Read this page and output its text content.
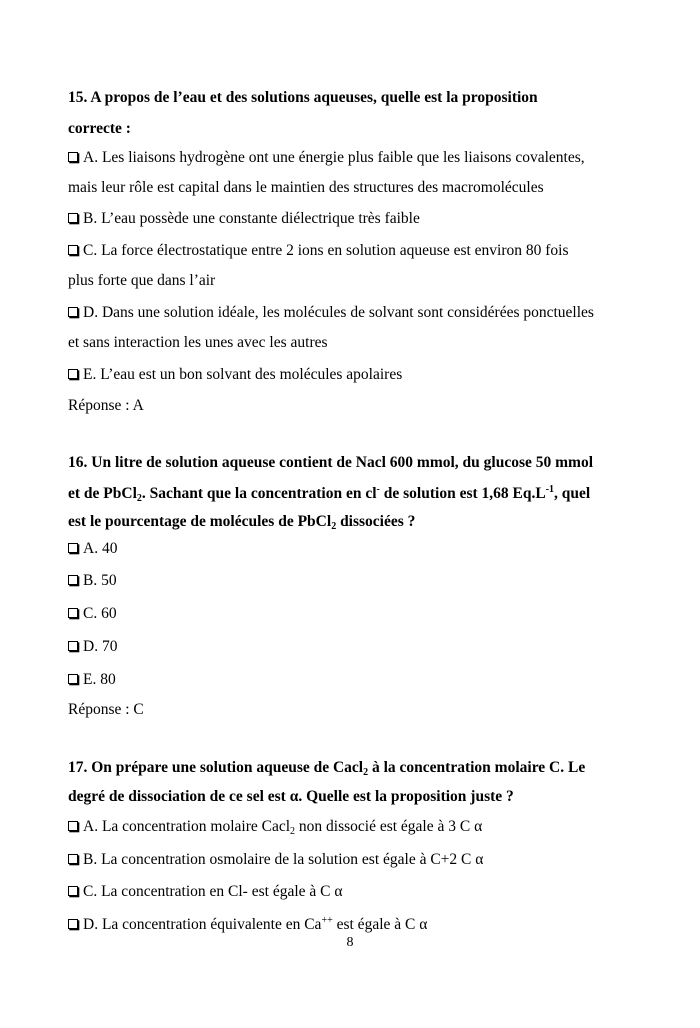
15. A propos de l’eau et des solutions aqueuses, quelle est la proposition
correcte :
A. Les liaisons hydrogène ont une énergie plus faible que les liaisons covalentes,
mais leur rôle est capital dans le maintien des structures des macromolécules
B. L’eau possède une constante diélectrique très faible
C. La force électrostatique entre 2 ions en solution aqueuse est environ 80 fois
plus forte que dans l’air
D. Dans une solution idéale, les molécules de solvant sont considérées ponctuelles
et sans interaction les unes avec les autres
E. L’eau est un bon solvant des molécules apolaires
Réponse : A
16. Un litre de solution aqueuse contient de Nacl 600 mmol, du glucose 50 mmol
et de PbCl$_2$. Sachant que la concentration en cl- de solution est 1,68 $Eq.L^{-1}$, quel
est le pourcentage de molécules de PbCl$_2$ dissociées ?
A. 40
B. 50
C. 60
D. 70
E. 80
Réponse : C
17. On prépare une solution aqueuse de Cacl$_2$ à la concentration molaire C. Le
degré de dissociation de ce sel est α. Quelle est la proposition juste ?
A. La concentration molaire Cacl$_2$ non dissocié est égale à 3 C α
B. La concentration osmolaire de la solution est égale à C+2 C α
C. La concentration en Cl- est égale à C α
D. La concentration équivalente en Ca++ est égale à C α
8
